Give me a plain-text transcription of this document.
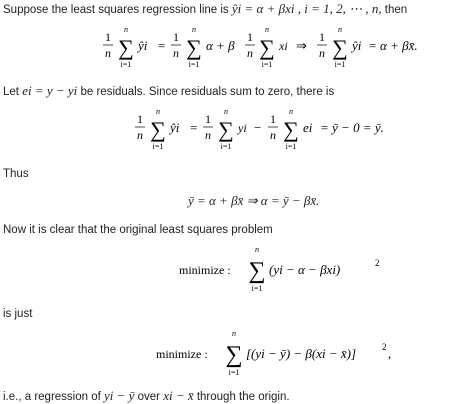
Suppose the least squares regression line is ŷi = α + βxi , i = 1, 2, ⋯ , n, then
1
n
n
∑
i=1
ŷi =
1
n
n
∑
i=1
α + β
1
n
n
∑
i=1
xi ⇒
1
n
n
∑
i=1
ŷi = α + βx̄.
Let ei = y − yi be residuals. Since residuals sum to zero, there is
1
n
n
∑
i=1
ŷi =
1
n
n
∑
i=1
yi −
1
n
n
∑
i=1
ei = ȳ − 0 = ȳ.
Thus
ȳ = α + βx̄ ⇒ α = ȳ − βx̄.
Now it is clear that the original least squares problem
minimize :
n
∑
i=1
(yi − α − βxi)	2
is just
minimize :
n
∑
i=1
[(yi − ȳ) − β(xi − x̄)]	2 ,
i.e., a regression of yi − ȳ over xi − x̄ through the origin.
